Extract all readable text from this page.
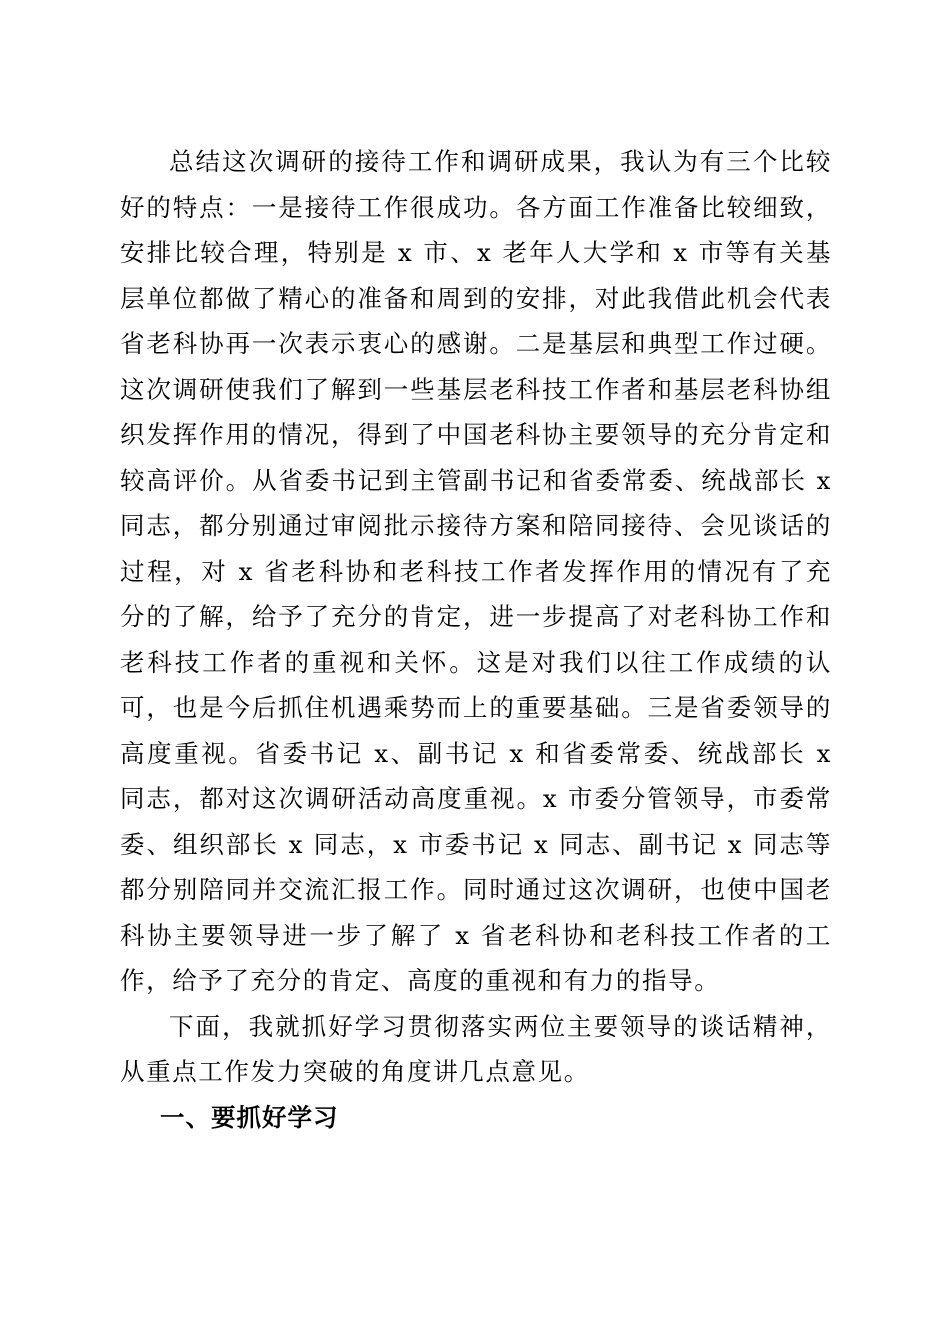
总结这次调研的接待工作和调研成果，我认为有三个比较好的特点：一是接待工作很成功。各方面工作准备比较细致，安排比较合理，特别是 x 市、x 老年人大学和 x 市等有关基层单位都做了精心的准备和周到的安排，对此我借此机会代表省老科协再一次表示衷心的感谢。二是基层和典型工作过硬。这次调研使我们了解到一些基层老科技工作者和基层老科协组织发挥作用的情况，得到了中国老科协主要领导的充分肯定和较高评价。从省委书记到主管副书记和省委常委、统战部长 x 同志，都分别通过审阅批示接待方案和陪同接待、会见谈话的过程，对 x 省老科协和老科技工作者发挥作用的情况有了充分的了解，给予了充分的肯定，进一步提高了对老科协工作和老科技工作者的重视和关怀。这是对我们以往工作成绩的认可，也是今后抓住机遇乘势而上的重要基础。三是省委领导的高度重视。省委书记 x、副书记 x 和省委常委、统战部长 x 同志，都对这次调研活动高度重视。x 市委分管领导，市委常委、组织部长 x 同志，x 市委书记 x 同志、副书记 x 同志等都分别陪同并交流汇报工作。同时通过这次调研，也使中国老科协主要领导进一步了解了 x 省老科协和老科技工作者的工作，给予了充分的肯定、高度的重视和有力的指导。

下面，我就抓好学习贯彻落实两位主要领导的谈话精神，从重点工作发力突破的角度讲几点意见。

一、要抓好学习
